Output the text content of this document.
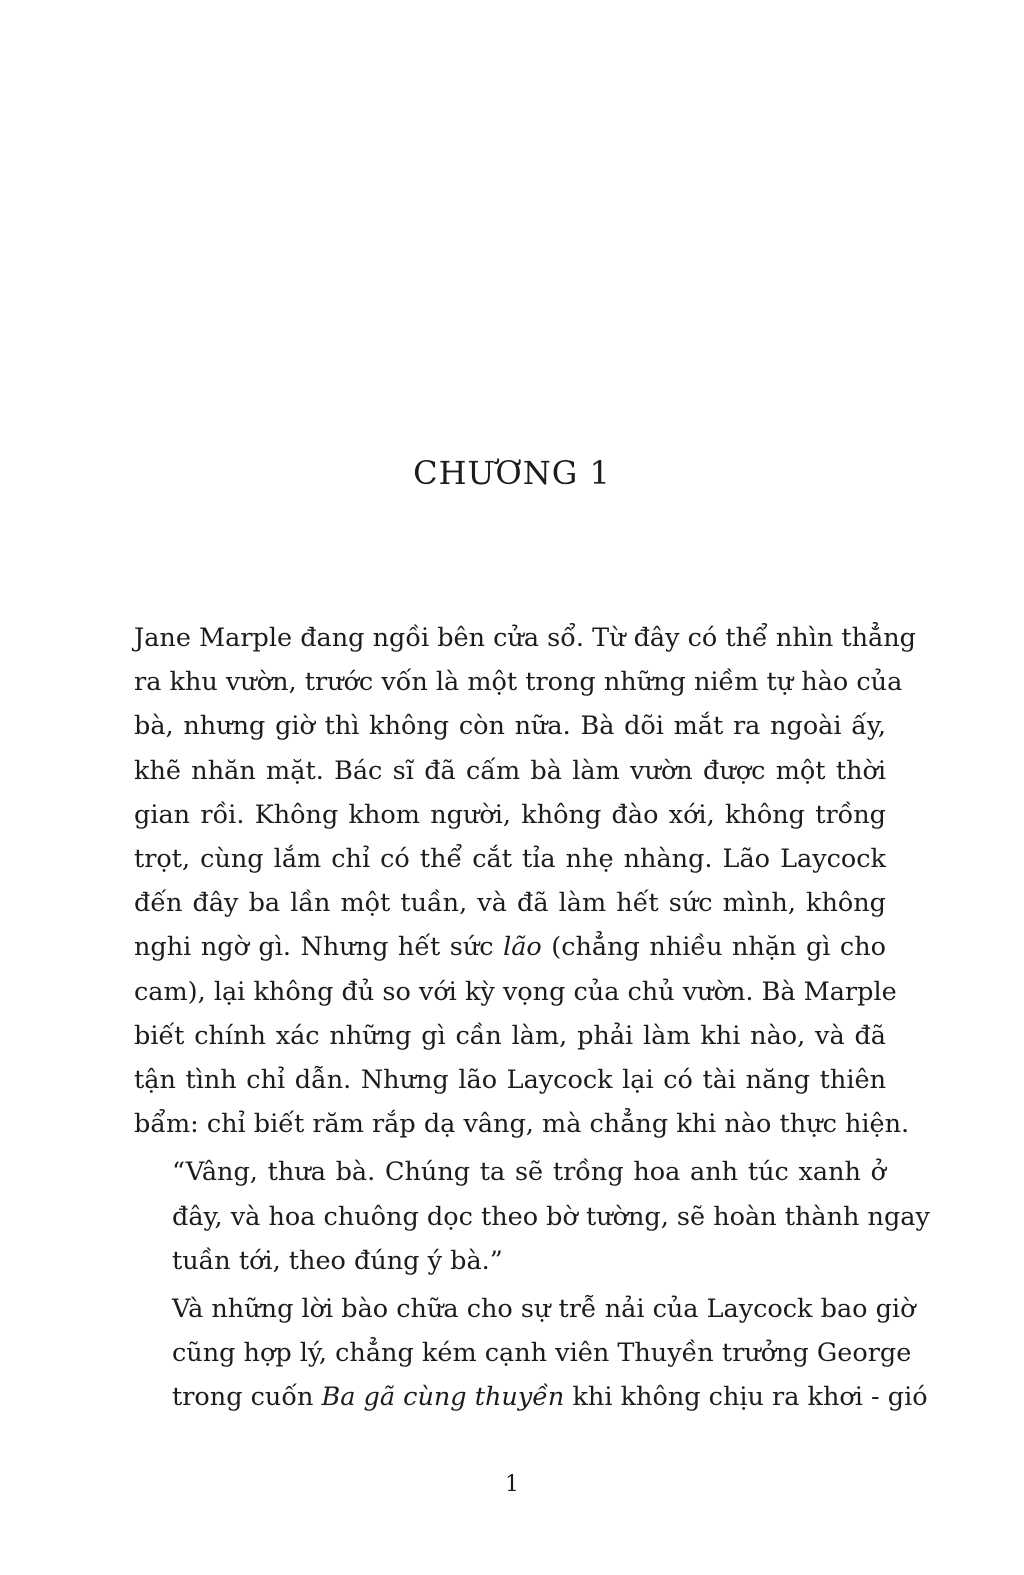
CHƯƠNG 1

Jane Marple đang ngồi bên cửa sổ. Từ đây có thể nhìn thẳng
ra khu vườn, trước vốn là một trong những niềm tự hào của
bà, nhưng giờ thì không còn nữa. Bà dõi mắt ra ngoài ấy,
khẽ nhăn mặt. Bác sĩ đã cấm bà làm vườn được một thời
gian rồi. Không khom người, không đào xới, không trồng
trọt, cùng lắm chỉ có thể cắt tỉa nhẹ nhàng. Lão Laycock
đến đây ba lần một tuần, và đã làm hết sức mình, không
nghi ngờ gì. Nhưng hết sức lão (chẳng nhiều nhặn gì cho
cam), lại không đủ so với kỳ vọng của chủ vườn. Bà Marple
biết chính xác những gì cần làm, phải làm khi nào, và đã
tận tình chỉ dẫn. Nhưng lão Laycock lại có tài năng thiên
bẩm: chỉ biết răm rắp dạ vâng, mà chẳng khi nào thực hiện.

“Vâng, thưa bà. Chúng ta sẽ trồng hoa anh túc xanh ở
đây, và hoa chuông dọc theo bờ tường, sẽ hoàn thành ngay
tuần tới, theo đúng ý bà.”

Và những lời bào chữa cho sự trễ nải của Laycock bao giờ
cũng hợp lý, chẳng kém cạnh viên Thuyền trưởng George
trong cuốn Ba gã cùng thuyền khi không chịu ra khơi - gió

1
